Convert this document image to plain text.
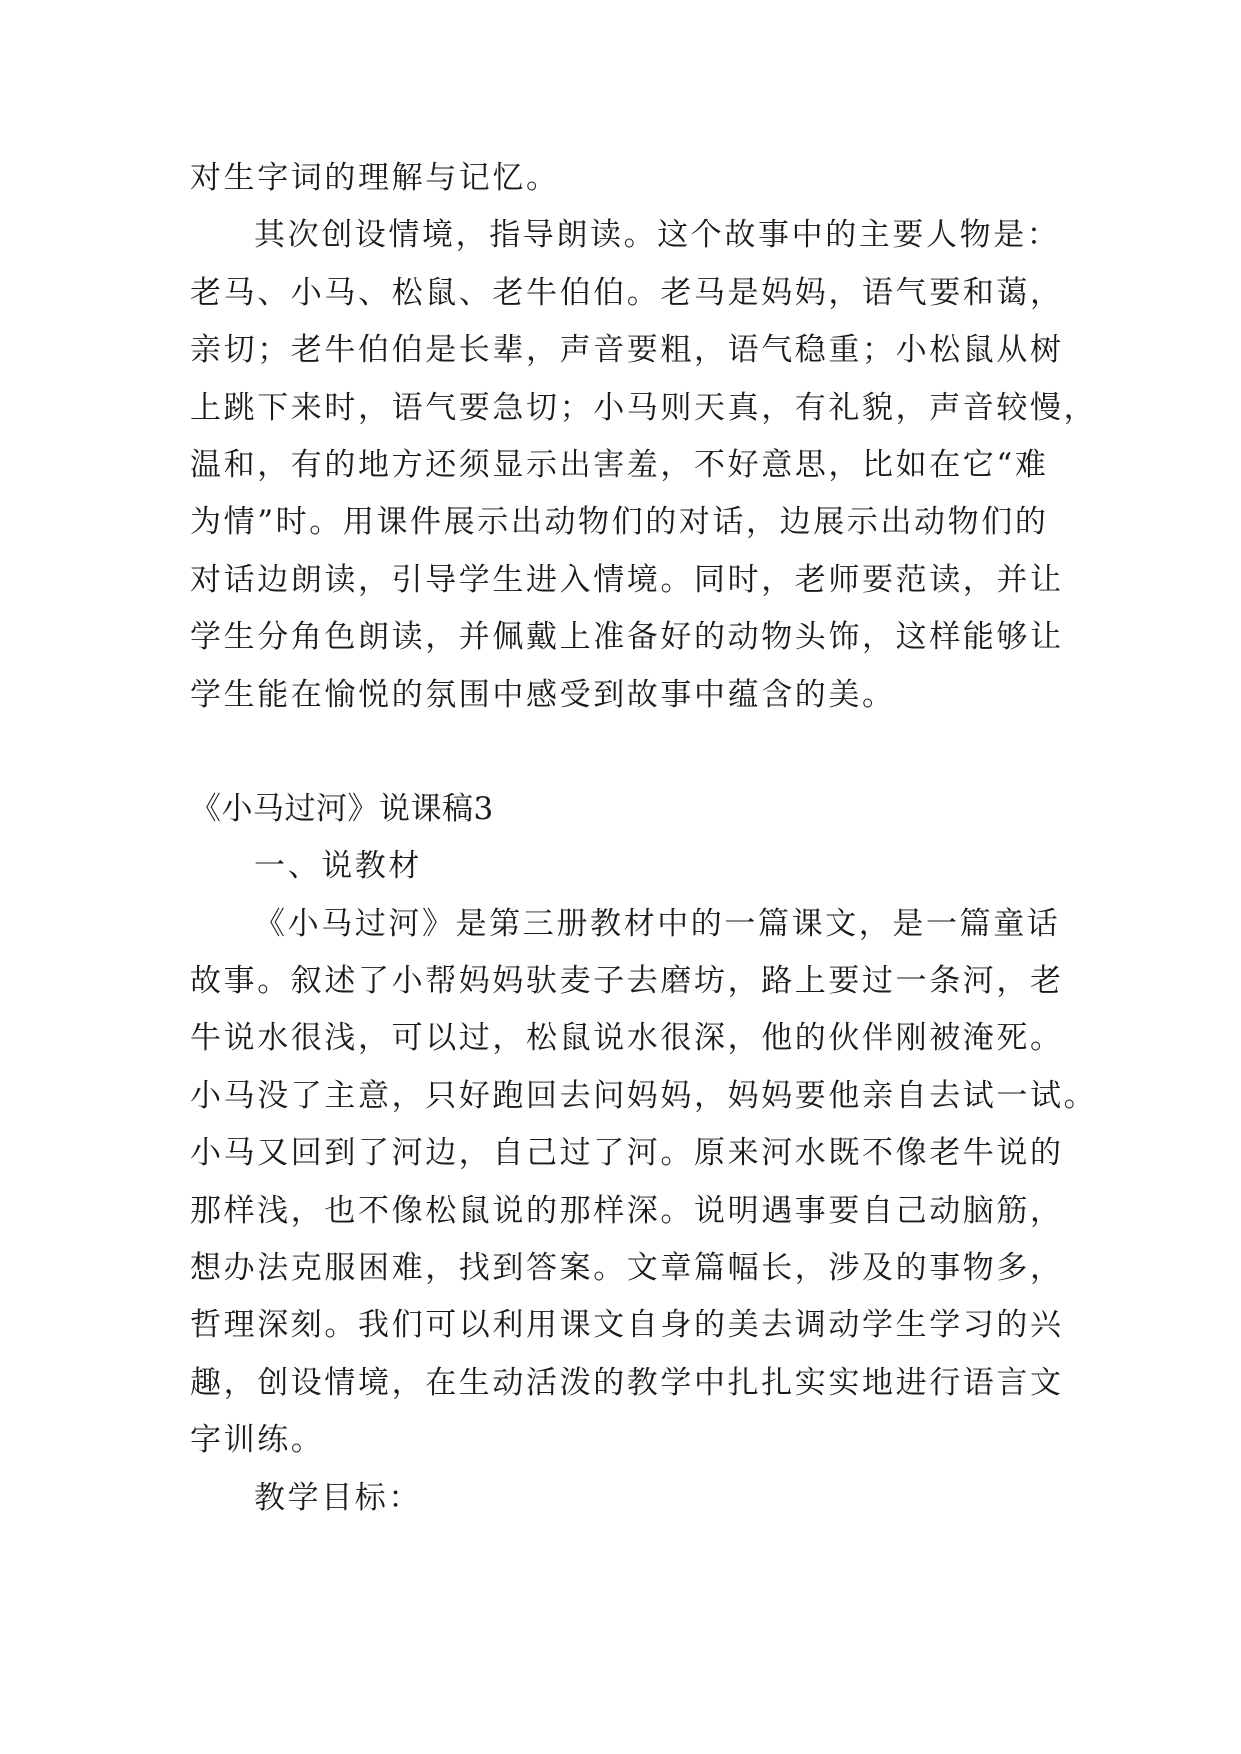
对生字词的理解与记忆。
其次创设情境，指导朗读。这个故事中的主要人物是：
老马、小马、松鼠、老牛伯伯。老马是妈妈，语气要和蔼，
亲切；老牛伯伯是长辈，声音要粗，语气稳重；小松鼠从树
上跳下来时，语气要急切；小马则天真，有礼貌，声音较慢，
温和，有的地方还须显示出害羞，不好意思，比如在它“难
为情”时。用课件展示出动物们的对话，边展示出动物们的
对话边朗读，引导学生进入情境。同时，老师要范读，并让
学生分角色朗读，并佩戴上准备好的动物头饰，这样能够让
学生能在愉悦的氛围中感受到故事中蕴含的美。
《小马过河》说课稿3
一、说教材
《小马过河》是第三册教材中的一篇课文，是一篇童话
故事。叙述了小帮妈妈驮麦子去磨坊，路上要过一条河，老
牛说水很浅，可以过，松鼠说水很深，他的伙伴刚被淹死。
小马没了主意，只好跑回去问妈妈，妈妈要他亲自去试一试。
小马又回到了河边，自己过了河。原来河水既不像老牛说的
那样浅，也不像松鼠说的那样深。说明遇事要自己动脑筋，
想办法克服困难，找到答案。文章篇幅长，涉及的事物多，
哲理深刻。我们可以利用课文自身的美去调动学生学习的兴
趣，创设情境，在生动活泼的教学中扎扎实实地进行语言文
字训练。
教学目标：
